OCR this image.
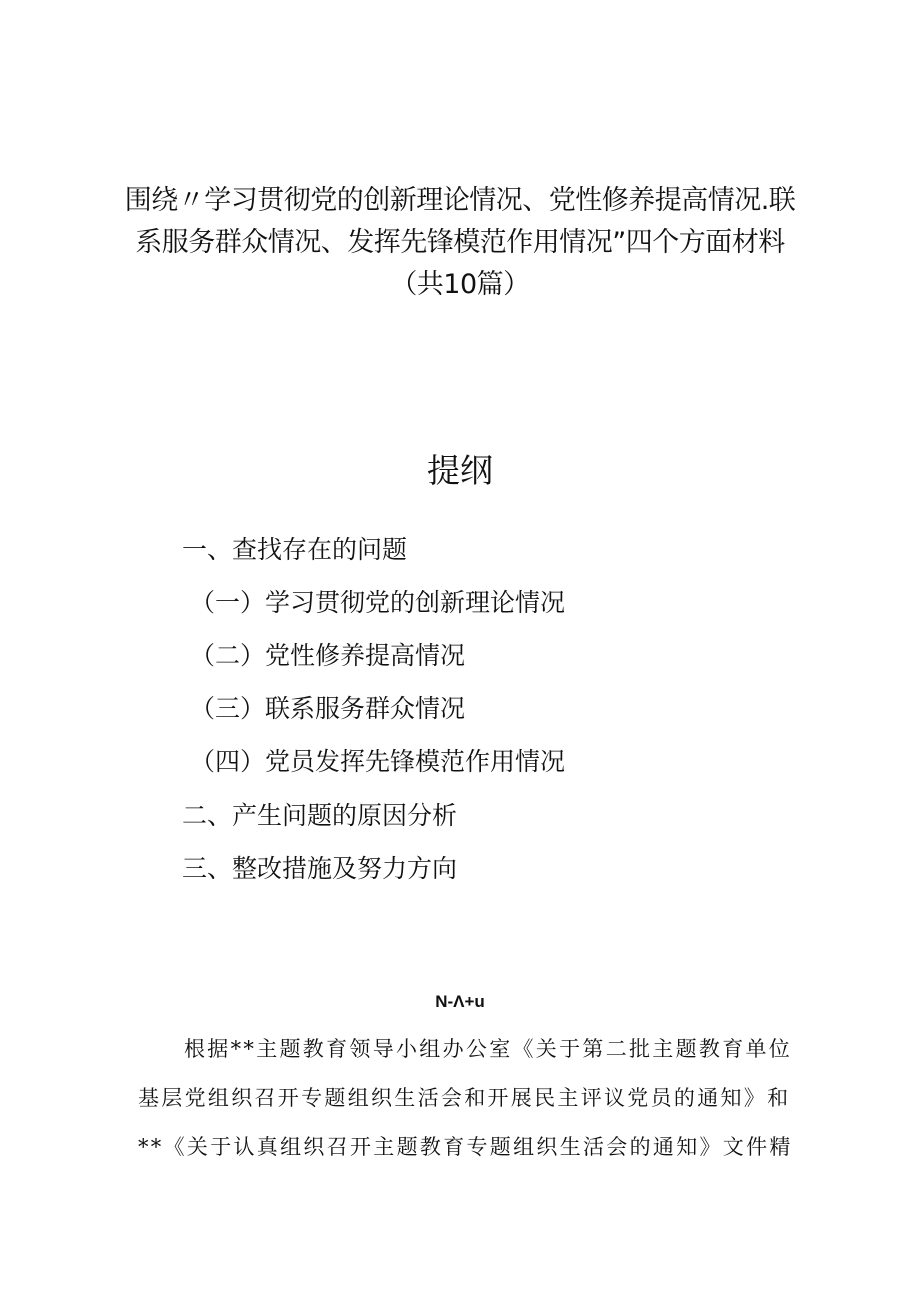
围绕〃学习贯彻党的创新理论情况、党性修养提高情况.联
系服务群众情况、发挥先锋模范作用情况”四个方面材料
（共10篇）
提纲
一、查找存在的问题
（一）学习贯彻党的创新理论情况
（二）党性修养提高情况
（三）联系服务群众情况
（四）党员发挥先锋模范作用情况
二、产生问题的原因分析
三、整改措施及努力方向
N-Λ+u
根据**主题教育领导小组办公室《关于第二批主题教育单位
基层党组织召开专题组织生活会和开展民主评议党员的通知》和
**《关于认真组织召开主题教育专题组织生活会的通知》文件精
